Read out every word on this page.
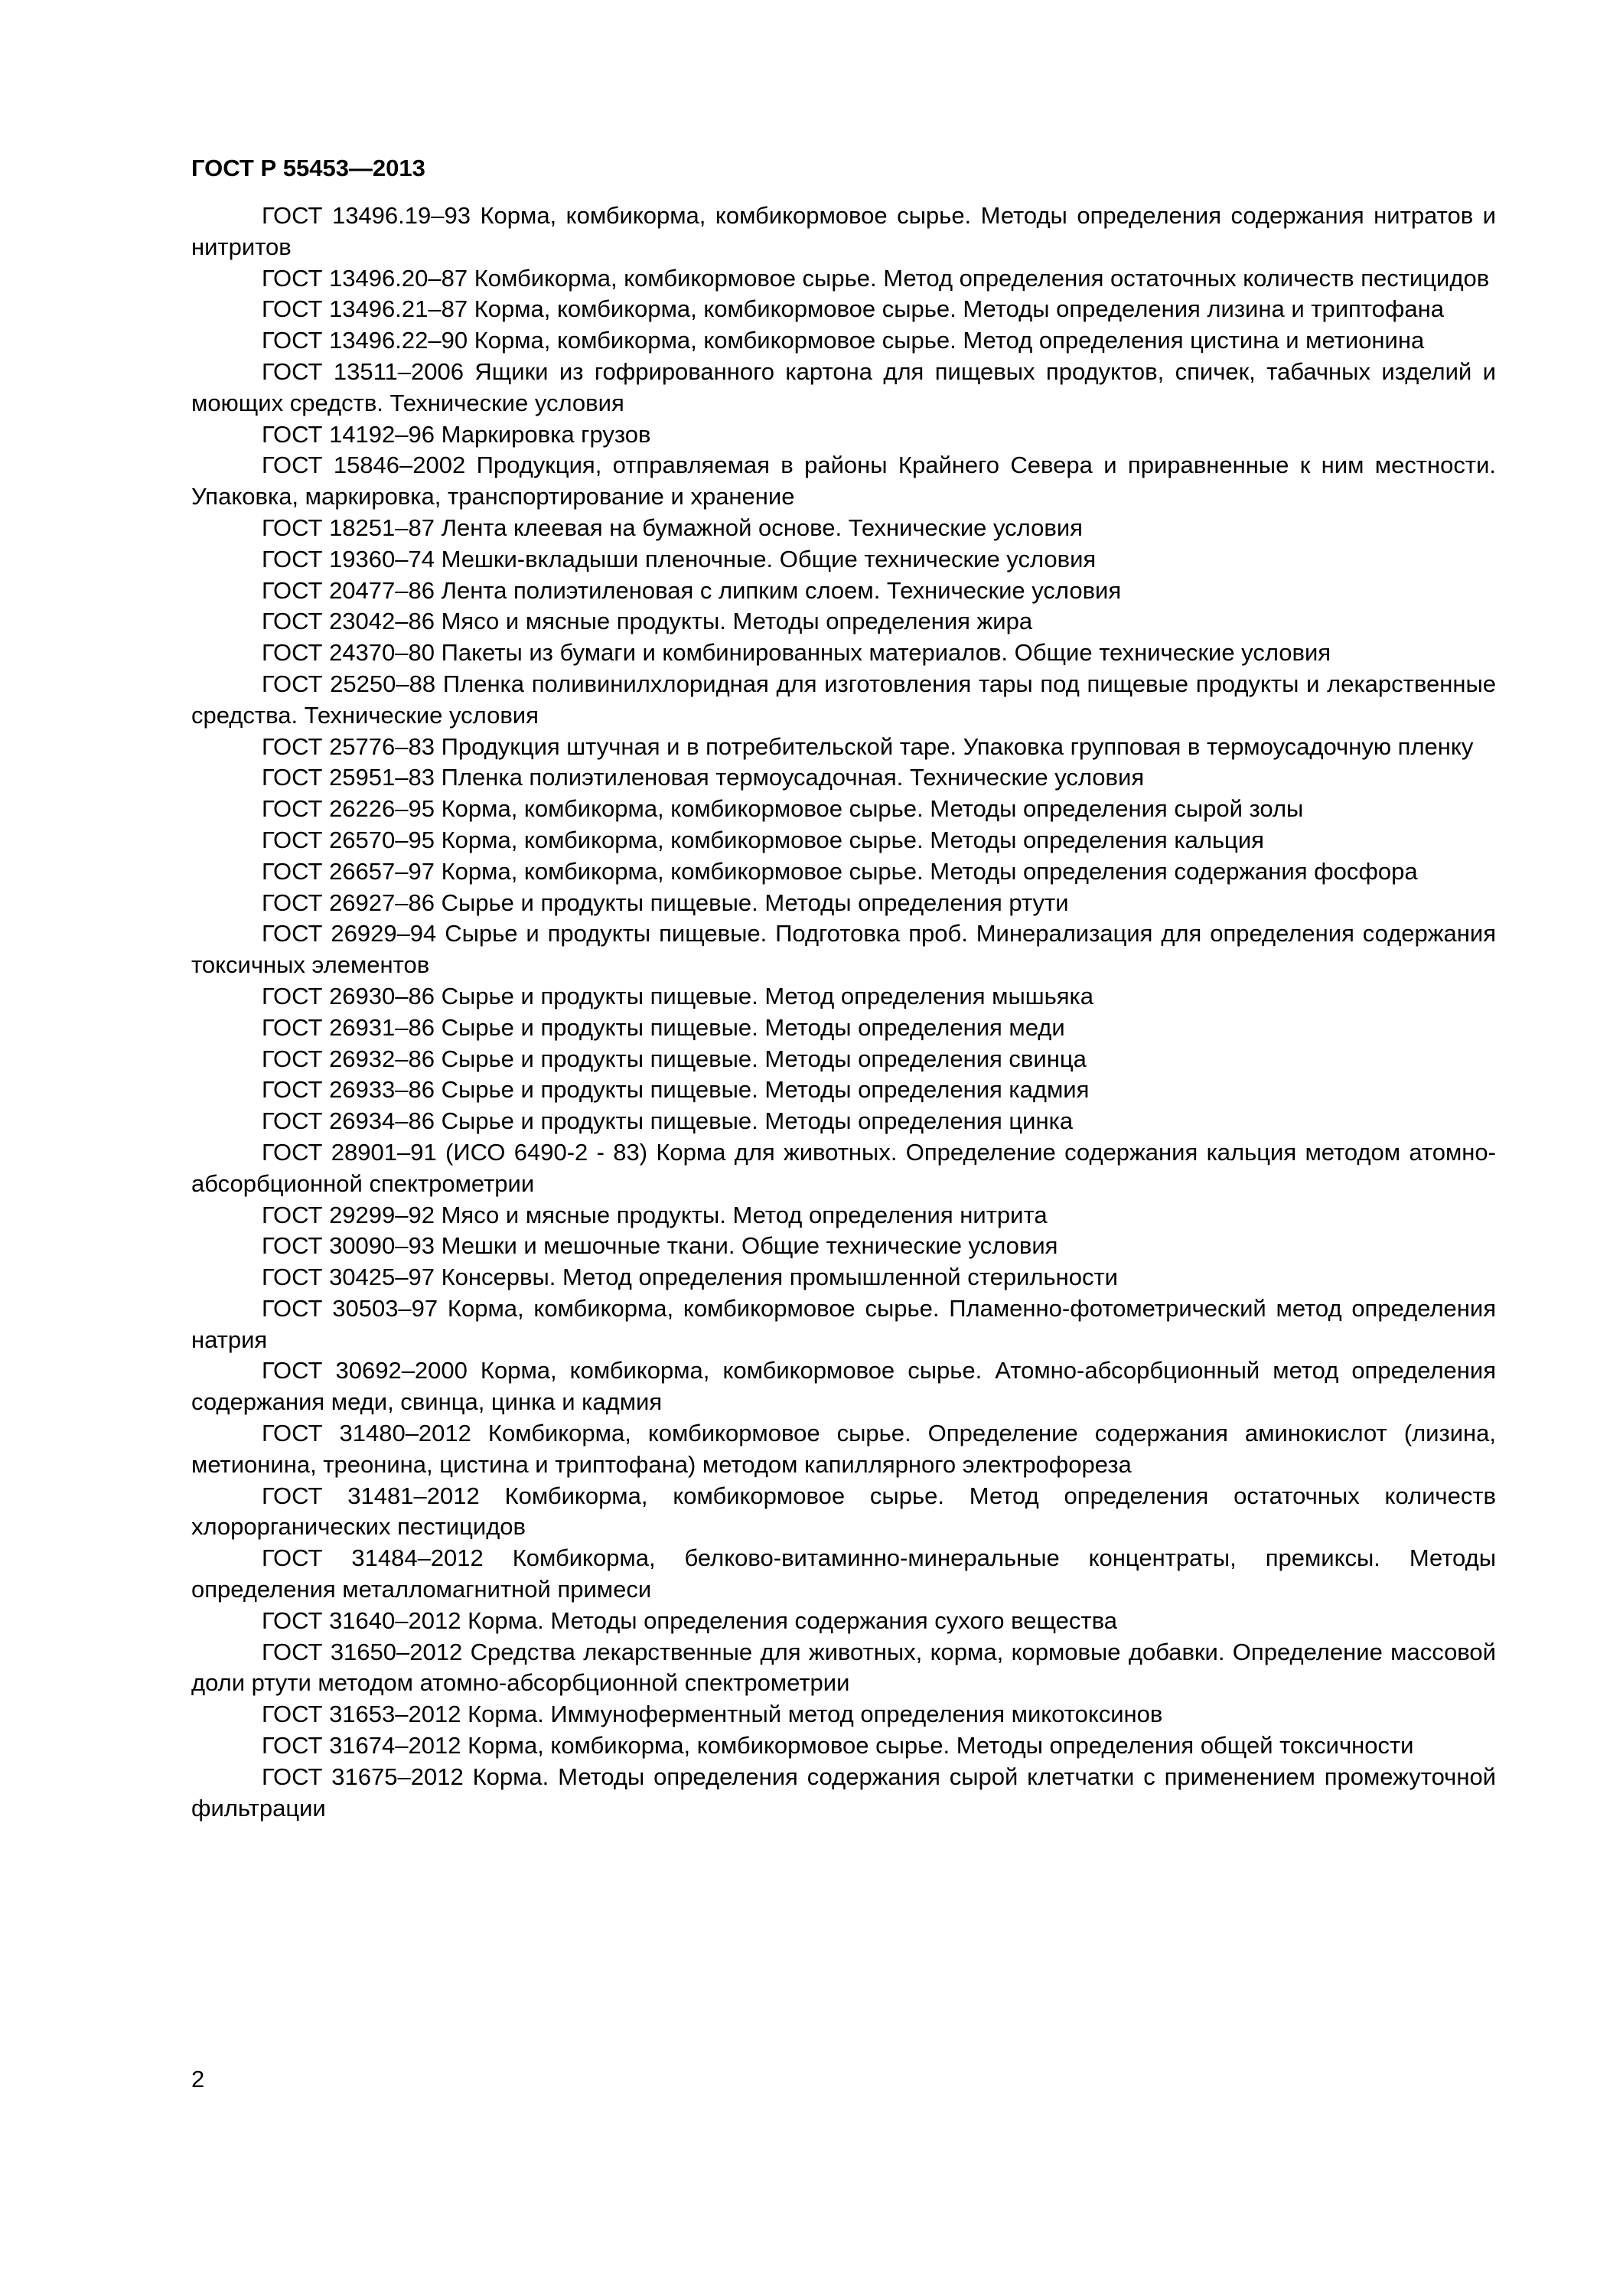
ГОСТ Р 55453—2013

ГОСТ 13496.19–93 Корма, комбикорма, комбикормовое сырье. Методы определения содержания нитратов и нитритов

ГОСТ 13496.20–87 Комбикорма, комбикормовое сырье. Метод определения остаточных количеств пестицидов

ГОСТ 13496.21–87 Корма, комбикорма, комбикормовое сырье. Методы определения лизина и триптофана

ГОСТ 13496.22–90 Корма, комбикорма, комбикормовое сырье. Метод определения цистина и метионина

ГОСТ 13511–2006 Ящики из гофрированного картона для пищевых продуктов, спичек, табачных изделий и моющих средств. Технические условия

ГОСТ 14192–96 Маркировка грузов

ГОСТ 15846–2002 Продукция, отправляемая в районы Крайнего Севера и приравненные к ним местности. Упаковка, маркировка, транспортирование и хранение

ГОСТ 18251–87 Лента клеевая на бумажной основе. Технические условия

ГОСТ 19360–74 Мешки-вкладыши пленочные. Общие технические условия

ГОСТ 20477–86 Лента полиэтиленовая с липким слоем. Технические условия

ГОСТ 23042–86 Мясо и мясные продукты. Методы определения жира

ГОСТ 24370–80 Пакеты из бумаги и комбинированных материалов. Общие технические условия

ГОСТ 25250–88 Пленка поливинилхлоридная для изготовления тары под пищевые продукты и лекарственные средства. Технические условия

ГОСТ 25776–83 Продукция штучная и в потребительской таре. Упаковка групповая в термоусадочную пленку

ГОСТ 25951–83 Пленка полиэтиленовая термоусадочная. Технические условия

ГОСТ 26226–95 Корма, комбикорма, комбикормовое сырье. Методы определения сырой золы

ГОСТ 26570–95 Корма, комбикорма, комбикормовое сырье. Методы определения кальция

ГОСТ 26657–97 Корма, комбикорма, комбикормовое сырье. Методы определения содержания фосфора

ГОСТ 26927–86 Сырье и продукты пищевые. Методы определения ртути

ГОСТ 26929–94 Сырье и продукты пищевые. Подготовка проб. Минерализация для определения содержания токсичных элементов

ГОСТ 26930–86 Сырье и продукты пищевые. Метод определения мышьяка

ГОСТ 26931–86 Сырье и продукты пищевые. Методы определения меди

ГОСТ 26932–86 Сырье и продукты пищевые. Методы определения свинца

ГОСТ 26933–86 Сырье и продукты пищевые. Методы определения кадмия

ГОСТ 26934–86 Сырье и продукты пищевые. Методы определения цинка

ГОСТ 28901–91 (ИСО 6490-2 - 83) Корма для животных. Определение содержания кальция методом атомно-абсорбционной спектрометрии

ГОСТ 29299–92 Мясо и мясные продукты. Метод определения нитрита

ГОСТ 30090–93 Мешки и мешочные ткани. Общие технические условия

ГОСТ 30425–97 Консервы. Метод определения промышленной стерильности

ГОСТ 30503–97 Корма, комбикорма, комбикормовое сырье. Пламенно-фотометрический метод определения натрия

ГОСТ 30692–2000 Корма, комбикорма, комбикормовое сырье. Атомно-абсорбционный метод определения содержания меди, свинца, цинка и кадмия

ГОСТ 31480–2012 Комбикорма, комбикормовое сырье. Определение содержания аминокислот (лизина, метионина, треонина, цистина и триптофана) методом капиллярного электрофореза

ГОСТ 31481–2012 Комбикорма, комбикормовое сырье. Метод определения остаточных количеств хлорорганических пестицидов

ГОСТ 31484–2012 Комбикорма, белково-витаминно-минеральные концентраты, премиксы. Методы определения металломагнитной примеси

ГОСТ 31640–2012 Корма. Методы определения содержания сухого вещества

ГОСТ 31650–2012 Средства лекарственные для животных, корма, кормовые добавки. Определение массовой доли ртути методом атомно-абсорбционной спектрометрии

ГОСТ 31653–2012 Корма. Иммуноферментный метод определения микотоксинов

ГОСТ 31674–2012 Корма, комбикорма, комбикормовое сырье. Методы определения общей токсичности

ГОСТ 31675–2012 Корма. Методы определения содержания сырой клетчатки с применением промежуточной фильтрации

2
